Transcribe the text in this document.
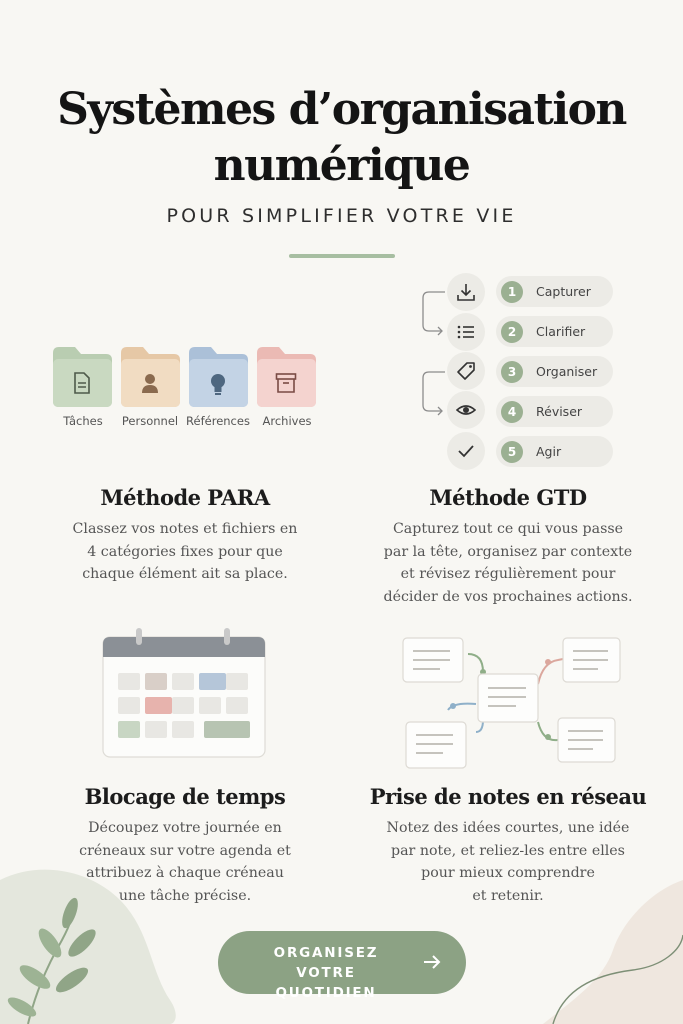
Systèmes d’organisation
numérique
POUR SIMPLIFIER VOTRE VIE
Tâches	Personnel Références	Archives
Méthode PARA
Classez vos notes et fichiers en
4 catégories fixes pour que
chaque élément ait sa place.
1	Capturer
2	Clarifier
3	Organiser
4	Réviser
5	Agir
Méthode GTD
Capturez tout ce qui vous passe
par la tête, organisez par contexte
et révisez régulièrement pour
décider de vos prochaines actions.
Blocage de temps
Découpez votre journée en
créneaux sur votre agenda et
attribuez à chaque créneau
une tâche précise.
Prise de notes en réseau
Notez des idées courtes, une idée
par note, et reliez-les entre elles
pour mieux comprendre
et retenir.
ORGANISEZ
VOTRE QUOTIDIEN
